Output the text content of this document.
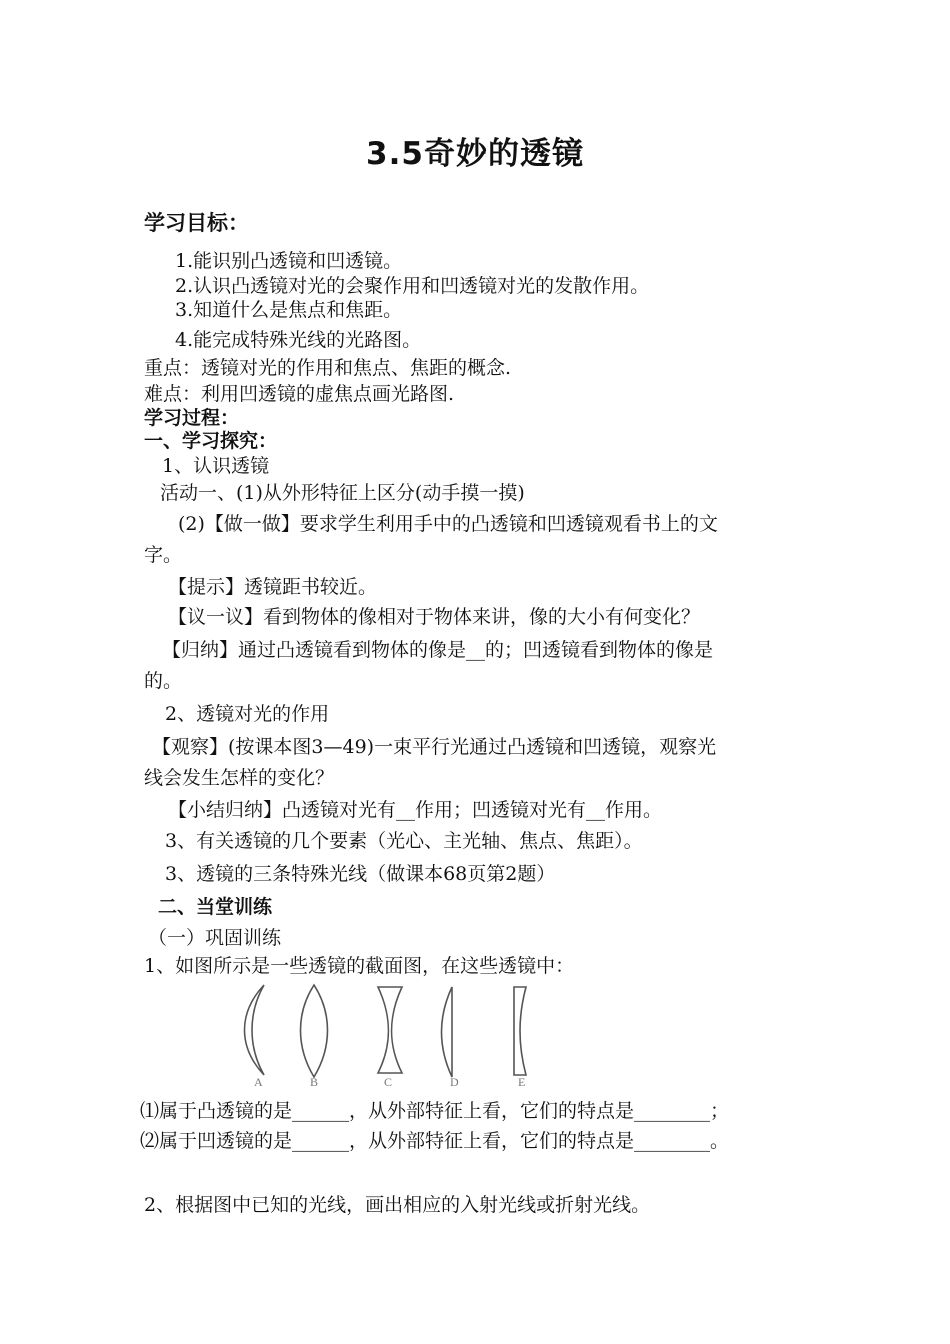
3.5奇妙的透镜
学习目标：
1.能识别凸透镜和凹透镜。
2.认识凸透镜对光的会聚作用和凹透镜对光的发散作用。
3.知道什么是焦点和焦距。
4.能完成特殊光线的光路图。
重点：透镜对光的作用和焦点、焦距的概念.
难点：利用凹透镜的虚焦点画光路图.
学习过程：
一、学习探究：
1、认识透镜
活动一、(1)从外形特征上区分(动手摸一摸)
(2)【做一做】要求学生利用手中的凸透镜和凹透镜观看书上的文
字。
【提示】透镜距书较近。
【议一议】看到物体的像相对于物体来讲，像的大小有何变化？
【归纳】通过凸透镜看到物体的像是__的；凹透镜看到物体的像是
的。
2、透镜对光的作用
【观察】(按课本图3—49)一束平行光通过凸透镜和凹透镜，观察光
线会发生怎样的变化？
【小结归纳】凸透镜对光有__作用；凹透镜对光有__作用。
3、有关透镜的几个要素（光心、主光轴、焦点、焦距）。
3、透镜的三条特殊光线（做课本68页第2题）
二、当堂训练
（一）巩固训练
1、如图所示是一些透镜的截面图，在这些透镜中：
A	B	C	D	E
⑴属于凸透镜的是______，从外部特征上看，它们的特点是________；
⑵属于凹透镜的是______，从外部特征上看，它们的特点是________。
2、根据图中已知的光线，画出相应的入射光线或折射光线。
